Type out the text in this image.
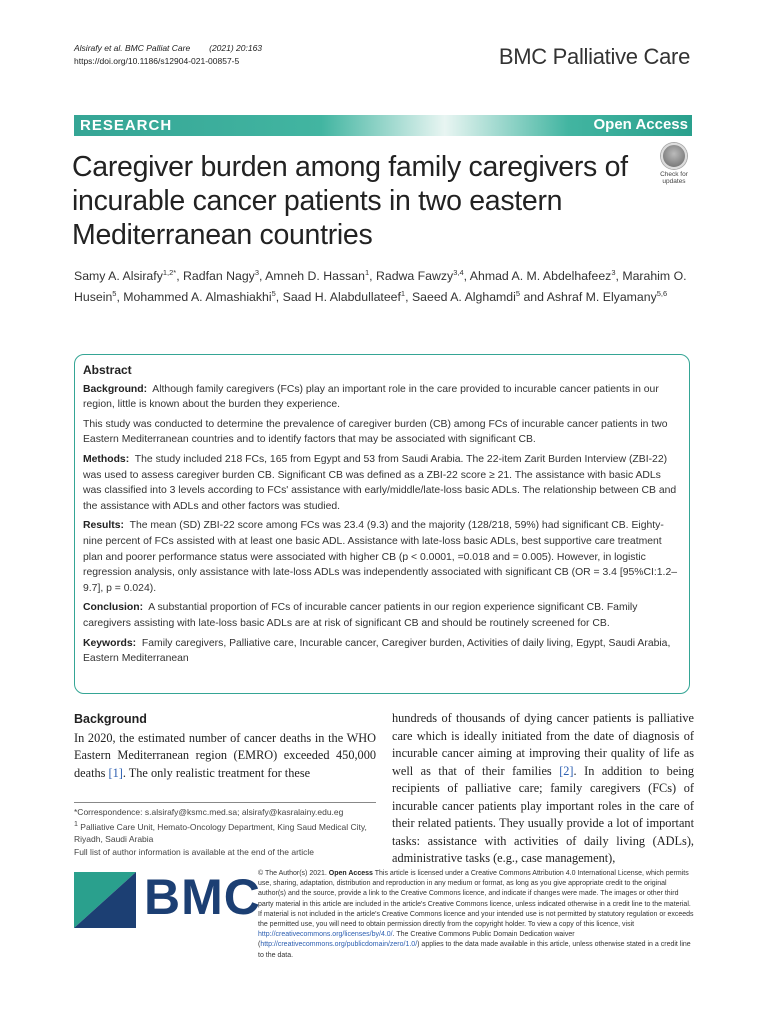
Alsirafy et al. BMC Palliat Care (2021) 20:163
https://doi.org/10.1186/s12904-021-00857-5	BMC Palliative Care
RESEARCH	Open Access
Caregiver burden among family caregivers of incurable cancer patients in two eastern Mediterranean countries
Check for
updates
Samy A. Alsirafy$^{1,2*}$, Radfan Nagy$^3$, Amneh D. Hassan$^1$, Radwa Fawzy$^{3,4}$, Ahmad A. M. Abdelhafeez$^3$, Marahim O. Husein$^5$, Mohammed A. Almashiakhi$^5$, Saad H. Alabdullateef$^1$, Saeed A. Alghamdi$^5$ and Ashraf M. Elyamany$^{5,6}$
Abstract

Background: Although family caregivers (FCs) play an important role in the care provided to incurable cancer patients in our region, little is known about the burden they experience.

This study was conducted to determine the prevalence of caregiver burden (CB) among FCs of incurable cancer patients in two Eastern Mediterranean countries and to identify factors that may be associated with significant CB.

Methods: The study included 218 FCs, 165 from Egypt and 53 from Saudi Arabia. The 22-item Zarit Burden Interview (ZBI-22) was used to assess caregiver burden CB. Significant CB was defined as a ZBI-22 score ≥ 21. The assistance with basic ADLs was classified into 3 levels according to FCs' assistance with early/middle/late-loss basic ADLs. The relationship between CB and the assistance with ADLs and other factors was studied.

Results: The mean (SD) ZBI-22 score among FCs was 23.4 (9.3) and the majority (128/218, 59%) had significant CB. Eighty-nine percent of FCs assisted with at least one basic ADL. Assistance with late-loss basic ADLs, best supportive care treatment plan and poorer performance status were associated with higher CB (p < 0.0001, =0.018 and = 0.005). However, in logistic regression analysis, only assistance with late-loss ADLs was independently associated with significant CB (OR = 3.4 [95%CI:1.2–9.7], p = 0.024).

Conclusion: A substantial proportion of FCs of incurable cancer patients in our region experience significant CB. Family caregivers assisting with late-loss basic ADLs are at risk of significant CB and should be routinely screened for CB.

Keywords: Family caregivers, Palliative care, Incurable cancer, Caregiver burden, Activities of daily living, Egypt, Saudi Arabia, Eastern Mediterranean

Background

In 2020, the estimated number of cancer deaths in the WHO Eastern Mediterranean region (EMRO) exceeded 450,000 deaths [1]. The only realistic treatment for these

*Correspondence: s.alsirafy@ksmc.med.sa; alsirafy@kasralainy.edu.eg

$^1$ Palliative Care Unit, Hemato-Oncology Department, King Saud Medical City, Riyadh, Saudi Arabia

Full list of author information is available at the end of the article

hundreds of thousands of dying cancer patients is palliative care which is ideally initiated from the date of diagnosis of incurable cancer aiming at improving their quality of life as well as that of their families [2]. In addition to being recipients of palliative care; family caregivers (FCs) of incurable cancer patients play important roles in the care of their related patients. They usually provide a lot of important tasks: assistance with activities of daily living (ADLs), administrative tasks (e.g., case management),

BMC
© The Author(s) 2021. Open Access This article is licensed under a Creative Commons Attribution 4.0 International License, which permits use, sharing, adaptation, distribution and reproduction in any medium or format, as long as you give appropriate credit to the original author(s) and the source, provide a link to the Creative Commons licence, and indicate if changes were made. The images or other third party material in this article are included in the article's Creative Commons licence, unless indicated otherwise in a credit line to the material. If material is not included in the article's Creative Commons licence and your intended use is not permitted by statutory regulation or exceeds the permitted use, you will need to obtain permission directly from the copyright holder. To view a copy of this licence, visit http://creativecommons.org/licenses/by/4.0/. The Creative Commons Public Domain Dedication waiver (http://creativecommons.org/publicdomain/zero/1.0/) applies to the data made available in this article, unless otherwise stated in a credit line to the data.
